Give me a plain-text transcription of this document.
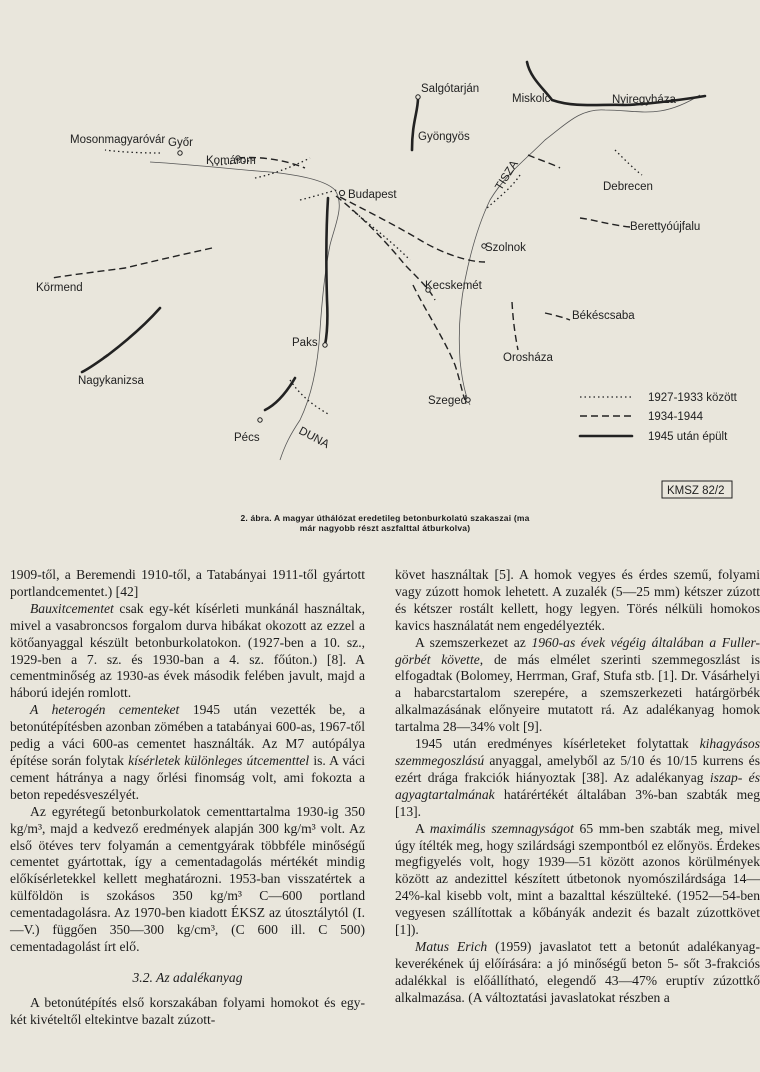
Salgótarján
Miskolc	Nyiregyháza
Mosonmagyaróvár Győr
Komárom
Gyöngyös
Budapest
Debrecen
Berettyóújfalu
Szolnok
Körmend	Kecskemét
Békéscsaba
Paks
Orosháza
Nagykanizsa
Szeged
Pécs
TISZA
DUNA
1927-1933 között
1934-1944
1945 után épült
KMSZ 82/2
2. ábra. A magyar úthálózat eredetileg betonburkolatú szakaszai (ma
már nagyobb részt aszfalttal átburkolva)

1909-től, a Beremendi 1910-től, a Tatabányai 1911-től gyártott portlandcementet.) [42]

Bauxitcementet csak egy-két kísérleti munkánál használtak, mivel a vasabroncsos forgalom durva hibákat okozott az ezzel a kötőanyaggal készült betonburkolatokon. (1927-ben a 10. sz., 1929-ben a 7. sz. és 1930-ban a 4. sz. főúton.) [8]. A cementminőség az 1930-as évek második felében javult, majd a háború idején romlott.

A heterogén cementeket 1945 után vezették be, a betonútépítésben azonban zömében a tatabányai 600-as, 1967-től pedig a váci 600-as cementet használták. Az M7 autópálya építése során folytak kísérletek különleges útcementtel is. A váci cement hátránya a nagy őrlési finomság volt, ami fokozta a beton repedésveszélyét.

Az egyrétegű betonburkolatok cementtartalma 1930-ig 350 kg/m³, majd a kedvező eredmények alapján 300 kg/m³ volt. Az első ötéves terv folyamán a cementgyárak többféle minőségű cementet gyártottak, így a cementadagolás mértékét mindig előkísérletekkel kellett meghatározni. 1953-ban visszatértek a külföldön is szokásos 350 kg/m³ C—600 portland cementadagolásra. Az 1970-ben kiadott ÉKSZ az útosztálytól (I.—V.) függően 350—300 kg/cm³, (C 600 ill. C 500) cementadagolást írt elő.

3.2. Az adalékanyag

A betonútépítés első korszakában folyami homokot és egy-két kivételtől eltekintve bazalt zúzott-

követ használtak [5]. A homok vegyes és érdes szemű, folyami vagy zúzott homok lehetett. A zuzalék (5—25 mm) kétszer zúzott és kétszer rostált kellett, hogy legyen. Törés nélküli homokos kavics használatát nem engedélyezték.

A szemszerkezet az 1960-as évek végéig általában a Fuller-görbét követte, de más elmélet szerinti szemmegoszlást is elfogadtak (Bolomey, Herrman, Graf, Stufa stb. [1]. Dr. Vásárhelyi a habarcstartalom szerepére, a szemszerkezeti határgörbék alkalmazásának előnyeire mutatott rá. Az adalékanyag homok tartalma 28—34% volt [9].

1945 után eredményes kísérleteket folytattak kihagyásos szemmegoszlású anyaggal, amelyből az 5/10 és 10/15 kurrens és ezért drága frakciók hiányoztak [38]. Az adalékanyag iszap- és agyagtartalmának határértékét általában 3%-ban szabták meg [13].

A maximális szemnagyságot 65 mm-ben szabták meg, mivel úgy ítélték meg, hogy szilárdsági szempontból ez előnyös. Érdekes megfigyelés volt, hogy 1939—51 között azonos körülmények között az andezittel készített útbetonok nyomószilárdsága 14—24%-kal kisebb volt, mint a bazalttal készülteké. (1952—54-ben vegyesen szállítottak a kőbányák andezit és bazalt zúzottkövet [1]).

Matus Erich (1959) javaslatot tett a betonút adalékanyag-keverékének új előírására: a jó minőségű beton 5- sőt 3-frakciós adalékkal is előállítható, elegendő 43—47% eruptív zúzottkő alkalmazása. (A változtatási javaslatokat részben a
